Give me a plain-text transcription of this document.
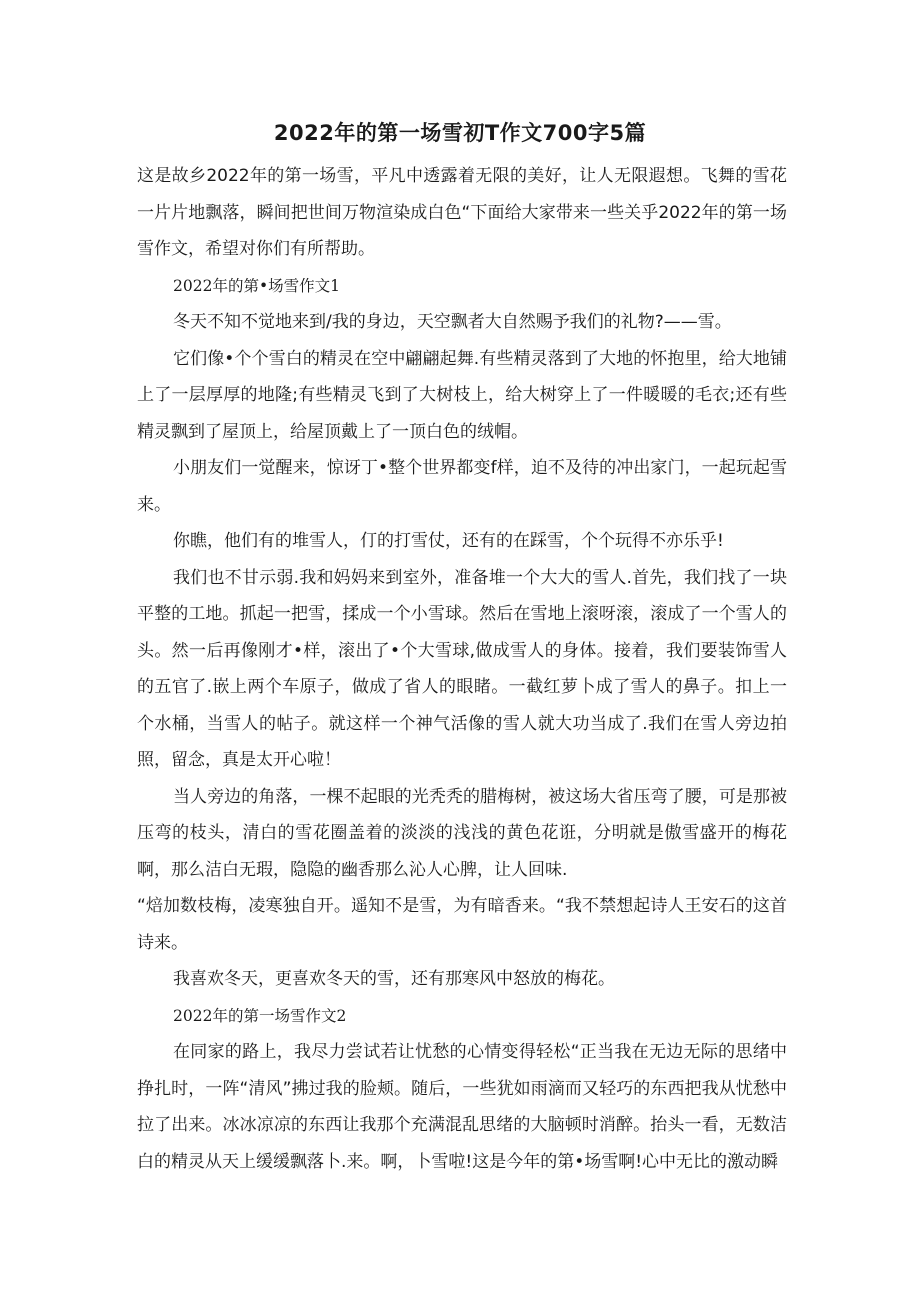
2022年的第一场雪初T作文700字5篇

这是故乡2022年的第一场雪，平凡中透露着无限的美好，让人无限遐想。飞舞的雪花一片片地飘落，瞬间把世间万物渲染成白色“下面给大家带来一些关乎2022年的第一场雪作文，希望对你们有所帮助。

2022年的第•场雪作文1

冬天不知不觉地来到/我的身边，天空飘者大自然赐予我们的礼物?——雪。

它们像•个个雪白的精灵在空中翩翩起舞.有些精灵落到了大地的怀抱里，给大地铺上了一层厚厚的地隆;有些精灵飞到了大树枝上，给大树穿上了一件暖暖的毛衣;还有些精灵飘到了屋顶上，给屋顶戴上了一顶白色的绒帽。

小朋友们一觉醒来，惊讶丁•整个世界都变f样，迫不及待的冲出家门，一起玩起雪来。

你瞧，他们有的堆雪人，仃的打雪仗，还有的在踩雪，个个玩得不亦乐乎!

我们也不甘示弱.我和妈妈来到室外，准备堆一个大大的雪人.首先，我们找了一块平整的工地。抓起一把雪，揉成一个小雪球。然后在雪地上滚呀滚，滚成了一个雪人的头。然一后再像刚才•样，滚出了•个大雪球,做成雪人的身体。接着，我们要装饰雪人的五官了.嵌上两个车原子，做成了省人的眼睹。一截红萝卜成了雪人的鼻子。扣上一个水桶，当雪人的帖子。就这样一个神气活像的雪人就大功当成了.我们在雪人旁边拍照，留念，真是太开心啦！

当人旁边的角落，一棵不起眼的光秃秃的腊梅树，被这场大省压弯了腰，可是那被压弯的枝头，清白的雪花圈盖着的淡淡的浅浅的黄色花诳，分明就是傲雪盛开的梅花啊，那么洁白无瑕，隐隐的幽香那么沁人心脾，让人回味.

“焙加数枝梅，凌寒独自开。遥知不是雪，为有暗香来。“我不禁想起诗人王安石的这首诗来。

我喜欢冬天，更喜欢冬天的雪，还有那寒风中怒放的梅花。

2022年的第一场雪作文2

在同家的路上，我尽力尝试若让忧愁的心情变得轻松“正当我在无边无际的思绪中挣扎时，一阵“清风”拂过我的脸颊。随后，一些犹如雨滴而又轻巧的东西把我从忧愁中拉了出来。冰冰凉凉的东西让我那个充满混乱思绪的大脑顿时消醉。抬头一看，无数洁白的精灵从天上缓缓飘落卜.来。啊，卜雪啦!这是今年的第•场雪啊!心中无比的激动瞬
